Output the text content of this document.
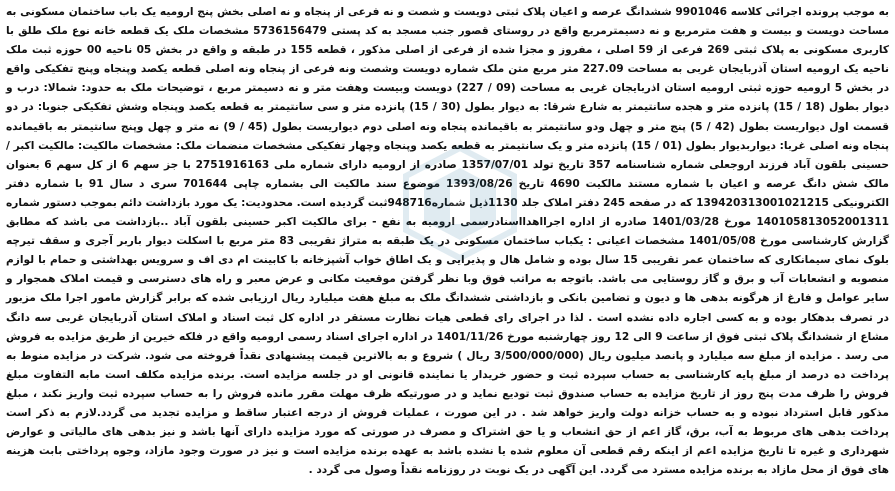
به موجب پرونده اجرائی کلاسه 9901046 ششدانگ عرصه و اعیان پلاک ثبتی دویست و شصت و نه فرعی از پنجاه و نه اصلی بخش پنج ارومیه یک باب ساختمان مسکونی به مساحت دویست و بیست و هفت مترمربع و نه دسیمترمربع واقع در روستای قصور جنب مسجد به کد پستی 5736156479 مشخصات ملک یک قطعه خانه نوع ملک طلق با کاربری مسکونی به پلاک ثبتی 269 فرعی از 59 اصلی ، مفروز و مجزا شده از فرعی از اصلی مذکور ، قطعه 155 در طبقه و واقع در بخش 05 ناحیه 00 حوزه ثبت ملک ناحیه یک ارومیه استان آذربایجان غربی به مساحت 227.09 متر مربع متن ملک شماره دویست وشصت ونه فرعی از پنجاه ونه اصلی قطعه یکصد وپنجاه وپنج تفکیکی واقع در بخش 5 ارومیه حوزه ثبتی ارومیه استان اذربایجان غربی به مساحت (09 / 227) دویست وبیست وهفت متر و نه دسیمتر مربع ، توضیحات ملک به حدود: شمالا: درب و دیوار بطول (18 / 15) پانزده متر و هجده سانتیمتر به شارع شرقا: به دیوار بطول (30 / 15) پانزده متر و سی سانتیمتر به قطعه یکصد وپنجاه وشش تفکیکی جنوبا: در دو قسمت اول دیواریست بطول (42 / 5) پنج متر و چهل ودو سانتیمتر به باقیمانده پنجاه ونه اصلی دوم دیواریست بطول (45 / 9) نه متر و چهل وپنج سانتیمتر به باقیمانده پنجاه ونه اصلی غربا: دیواربدیوار بطول (01 / 15) پانزده متر و یک سانتیمتر به قطعه یکصد وپنجاه وچهار تفکیکی مشخصات منضمات ملک: مشخصات مالکیت: مالکیت اکبر / حسینی بلقون آباد فرزند اروجعلی شماره شناسنامه 357 تاریخ تولد 1357/07/01 صادره از ارومیه دارای شماره ملی 2751916163 با جز سهم 6 از کل سهم 6 بعنوان مالک شش دانگ عرصه و اعیان با شماره مستند مالکیت 4690 تاریخ 1393/08/26 موضوع سند مالکیت الی بشماره چاپی 701644 سری د سال 91 با شماره دفتر الکترونیکی 139420313001021215 که در صفحه 245 دفتر املاک جلد 1130ذیل شماره948716ثبت گردیده است. محدودیت: یک مورد بازداشت دائم بموجب دستور شماره 140105813052001311 مورخ 1401/03/28 صادره از اداره اجرااهدااسنادرسمی ارومیه به نفع - برای مالکیت اکبر حسینی بلقون آباد ..بازداشت می باشد که مطابق گزارش کارشناسی مورخ 1401/05/08 مشخصات اعیانی : یکباب ساختمان مسکونی در یک طبقه به متراژ تقریبی 83 متر مربع با اسکلت دیوار باربر آجری و سقف تیرچه بلوک نمای سیمانکاری که ساختمان عمر تقریبی 15 سال بوده و شامل هال و پذیرایی و یک اطاق خواب آشپزخانه با کابینت ام دی اف و سرویس بهداشتی و حمام با لوازم منصوبه و انشعابات آب و برق و گاز روستایی می باشد. باتوجه به مراتب فوق وبا نظر گرفتن موقعیت مکانی و عرض معبر و راه های دسترسی و قیمت املاک همجوار و سایر عوامل و فارغ از هرگونه بدهی ها و دیون و تضامین بانکی و بازداشتی ششدانگ ملک به مبلغ هفت میلیارد ریال ارزیابی شده که برابر گزارش مامور اجرا ملک مزبور در تصرف بدهکار بوده و به کسی اجاره داده نشده است . لذا در اجرای رای قطعی هیات نظارت مستقر در اداره کل ثبت اسناد و املاک استان آذربایجان غربی سه دانگ مشاع از ششدانگ پلاک ثبتی فوق از ساعت 9 الی 12 روز چهارشنبه مورخ 1401/11/26 در اداره اجرای اسناد رسمی ارومیه واقع در فلکه خیرین از طریق مزایده به فروش می رسد . مزایده از مبلغ سه میلیارد و پانصد میلیون ریال (3/500/000/000 ریال ) شروع و به بالاترین قیمت پیشنهادی نقداً فروخته می شود. شرکت در مزایده منوط به پرداخت ده درصد از مبلغ پایه کارشناسی به حساب سپرده ثبت و حضور خریدار یا نماینده قانونی او در جلسه مزایده است. برنده مزایده مکلف است مابه التفاوت مبلغ فروش را ظرف مدت پنج روز از تاریخ مزایده به حساب صندوق ثبت تودیع نماید و در صورتیکه ظرف مهلت مقرر مانده فروش را به حساب سپرده ثبت واریز نکند ، مبلغ مذکور قابل استرداد نبوده و به حساب خزانه دولت واریز خواهد شد . در این صورت ، عملیات فروش از درجه اعتبار ساقط و مزایده تجدید می گردد.لازم به ذکر است پرداخت بدهی های مربوط به آب، برق، گاز اعم از حق انشعاب و یا حق اشتراک و مصرف در صورتی که مورد مزایده دارای آنها باشد و نیز بدهی های مالیاتی و عوارض شهرداری و غیره تا تاریخ مزایده اعم از اینکه رقم قطعی آن معلوم شده یا نشده باشد به عهده برنده مزایده است و نیز در صورت وجود مازاد، وجوه پرداختی بابت هزینه های فوق از محل مازاد به برنده مزایده مسترد می گردد. این آگهی در یک نوبت در روزنامه نقداً وصول می گردد .
